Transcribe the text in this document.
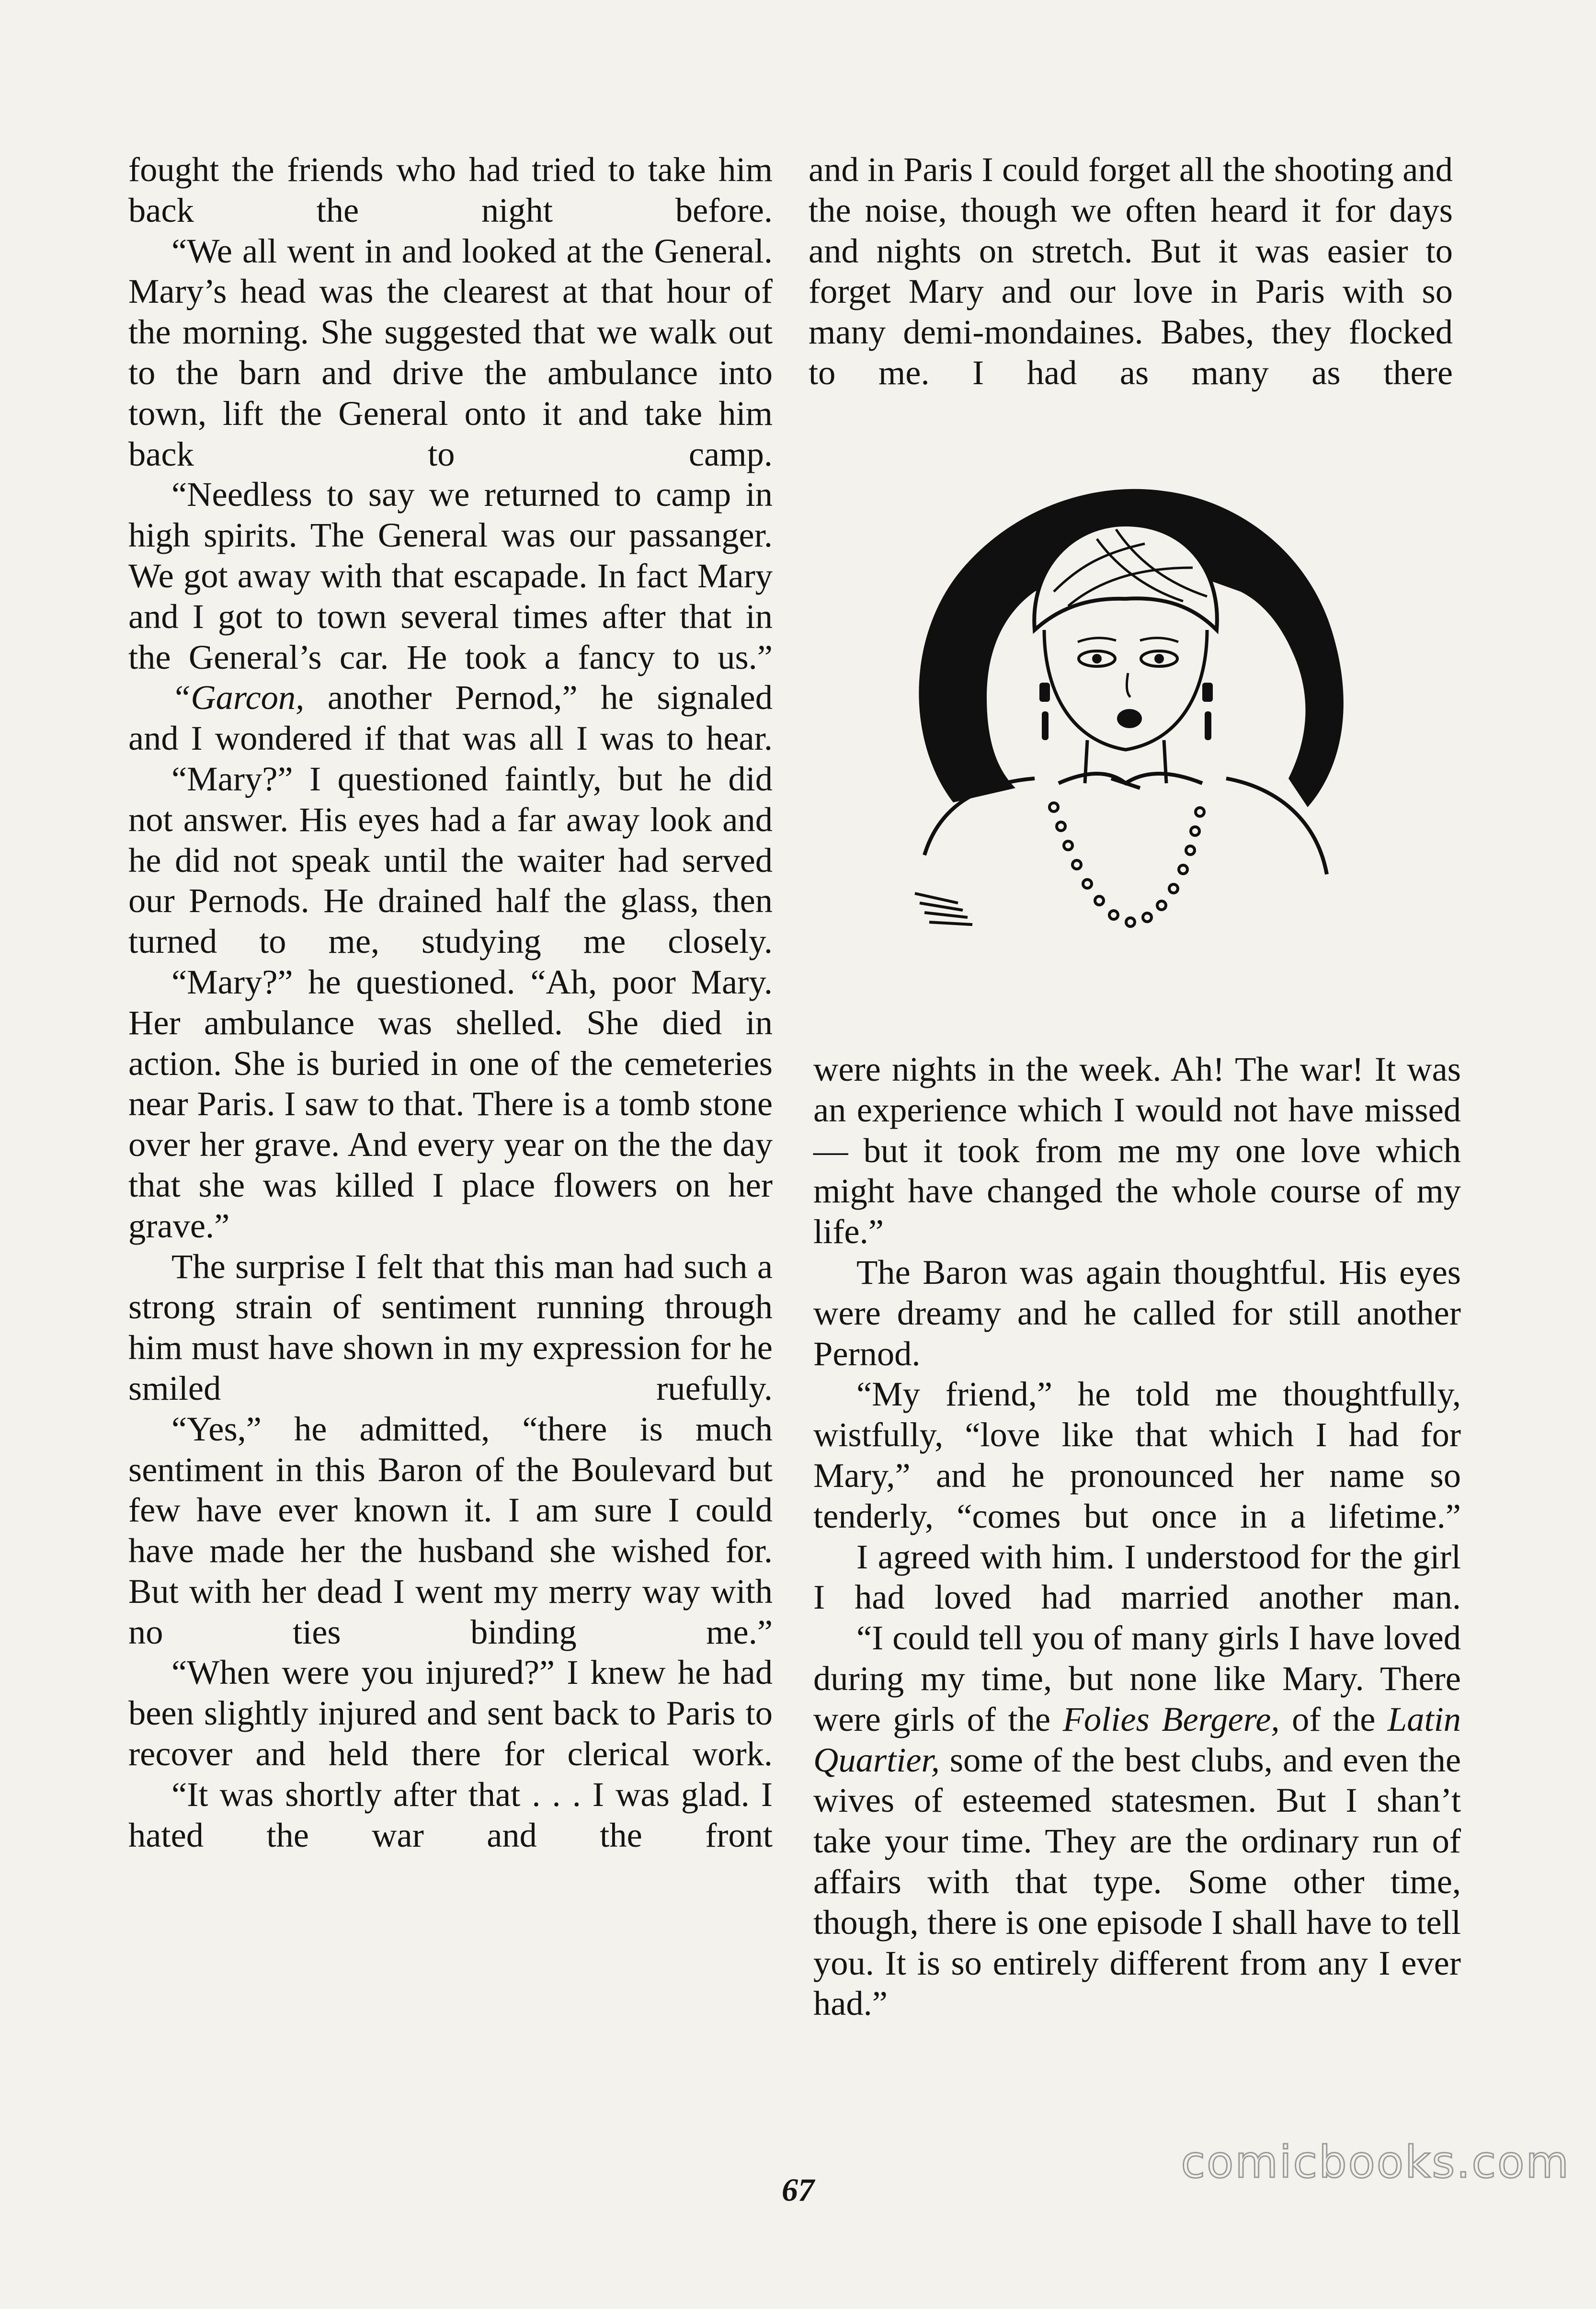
fought the friends who had tried to take him back the night before.

“We all went in and looked at the General. Mary’s head was the clearest at that hour of the morning. She suggested that we walk out to the barn and drive the ambulance into town, lift the General onto it and take him back to camp.

“Needless to say we returned to camp in high spirits. The General was our passanger. We got away with that escapade. In fact Mary and I got to town several times after that in the General’s car. He took a fancy to us.”

“Garcon, another Pernod,” he signaled and I wondered if that was all I was to hear.

“Mary?” I questioned faintly, but he did not answer. His eyes had a far away look and he did not speak until the waiter had served our Pernods. He drained half the glass, then turned to me, studying me closely.

“Mary?” he questioned. “Ah, poor Mary. Her ambulance was shelled. She died in action. She is buried in one of the cemeteries near Paris. I saw to that. There is a tomb stone over her grave. And every year on the the day that she was killed I place flowers on her grave.”

The surprise I felt that this man had such a strong strain of sentiment running through him must have shown in my expression for he smiled ruefully.

“Yes,” he admitted, “there is much sentiment in this Baron of the Boulevard but few have ever known it. I am sure I could have made her the husband she wished for. But with her dead I went my merry way with no ties binding me.”

“When were you injured?” I knew he had been slightly injured and sent back to Paris to recover and held there for clerical work.

“It was shortly after that . . . I was glad. I hated the war and the front

and in Paris I could forget all the shooting and the noise, though we often heard it for days and nights on stretch. But it was easier to forget Mary and our love in Paris with so many demi-mondaines. Babes, they flocked to me. I had as many as there

were nights in the week. Ah! The war! It was an experience which I would not have missed — but it took from me my one love which might have changed the whole course of my life.”

The Baron was again thoughtful. His eyes were dreamy and he called for still another Pernod.

“My friend,” he told me thoughtfully, wistfully, “love like that which I had for Mary,” and he pronounced her name so tenderly, “comes but once in a lifetime.”

I agreed with him. I understood for the girl I had loved had married another man.

“I could tell you of many girls I have loved during my time, but none like Mary. There were girls of the Folies Bergere, of the Latin Quartier, some of the best clubs, and even the wives of esteemed statesmen. But I shan’t take your time. They are the ordinary run of affairs with that type. Some other time, though, there is one episode I shall have to tell you. It is so entirely different from any I ever had.”

67
comicbooks.com
